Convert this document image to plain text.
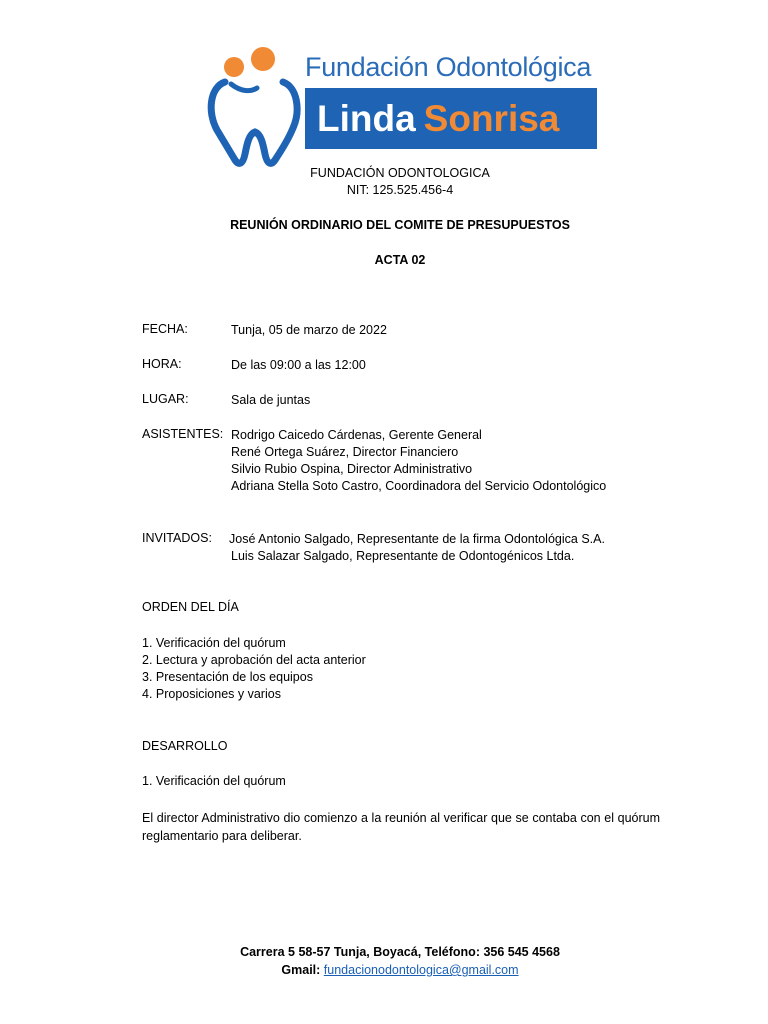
Fundación Odontológica
Linda Sonrisa
FUNDACIÓN ODONTOLOGICA
NIT: 125.525.456-4
REUNIÓN ORDINARIO DEL COMITE DE PRESUPUESTOS
ACTA 02
FECHA:	Tunja, 05 de marzo de 2022
HORA:	De las 09:00 a las 12:00
LUGAR:	Sala de juntas
ASISTENTES: Rodrigo Caicedo Cárdenas, Gerente General
René Ortega Suárez, Director Financiero
Silvio Rubio Ospina, Director Administrativo
Adriana Stella Soto Castro, Coordinadora del Servicio Odontológico
INVITADOS: José Antonio Salgado, Representante de la firma Odontológica S.A.
Luis Salazar Salgado, Representante de Odontogénicos Ltda.
ORDEN DEL DÍA
1. Verificación del quórum
2. Lectura y aprobación del acta anterior
3. Presentación de los equipos
4. Proposiciones y varios
DESARROLLO
1. Verificación del quórum
El director Administrativo dio comienzo a la reunión al verificar que se contaba con el quórum reglamentario para deliberar.
Carrera 5 58-57 Tunja, Boyacá, Teléfono: 356 545 4568
Gmail: fundacionodontologica@gmail.com
